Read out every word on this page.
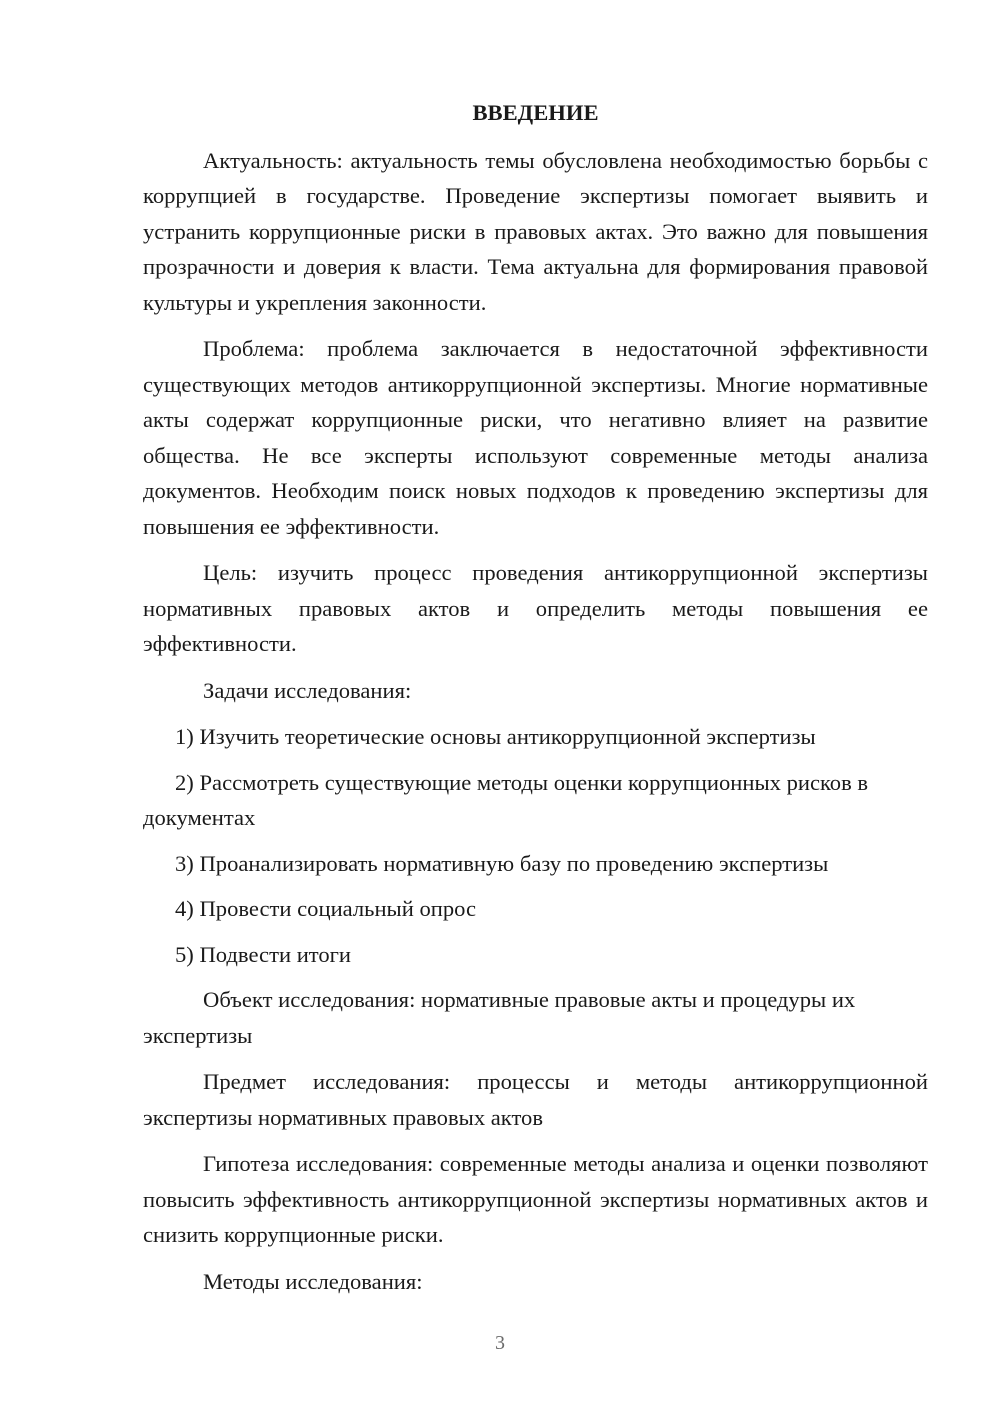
ВВЕДЕНИЕ

Актуальность: актуальность темы обусловлена необходимостью борьбы с коррупцией в государстве. Проведение экспертизы помогает выявить и устранить коррупционные риски в правовых актах. Это важно для повышения прозрачности и доверия к власти. Тема актуальна для формирования правовой культуры и укрепления законности.

Проблема: проблема заключается в недостаточной эффективности существующих методов антикоррупционной экспертизы. Многие нормативные акты содержат коррупционные риски, что негативно влияет на развитие общества. Не все эксперты используют современные методы анализа документов. Необходим поиск новых подходов к проведению экспертизы для повышения ее эффективности.

Цель: изучить процесс проведения антикоррупционной экспертизы нормативных правовых актов и определить методы повышения ее эффективности.

Задачи исследования:

1) Изучить теоретические основы антикоррупционной экспертизы

2) Рассмотреть существующие методы оценки коррупционных рисков в документах

3) Проанализировать нормативную базу по проведению экспертизы

4) Провести социальный опрос

5) Подвести итоги

Объект исследования: нормативные правовые акты и процедуры их экспертизы

Предмет исследования: процессы и методы антикоррупционной экспертизы нормативных правовых актов

Гипотеза исследования: современные методы анализа и оценки позволяют повысить эффективность антикоррупционной экспертизы нормативных актов и снизить коррупционные риски.

Методы исследования:

3
